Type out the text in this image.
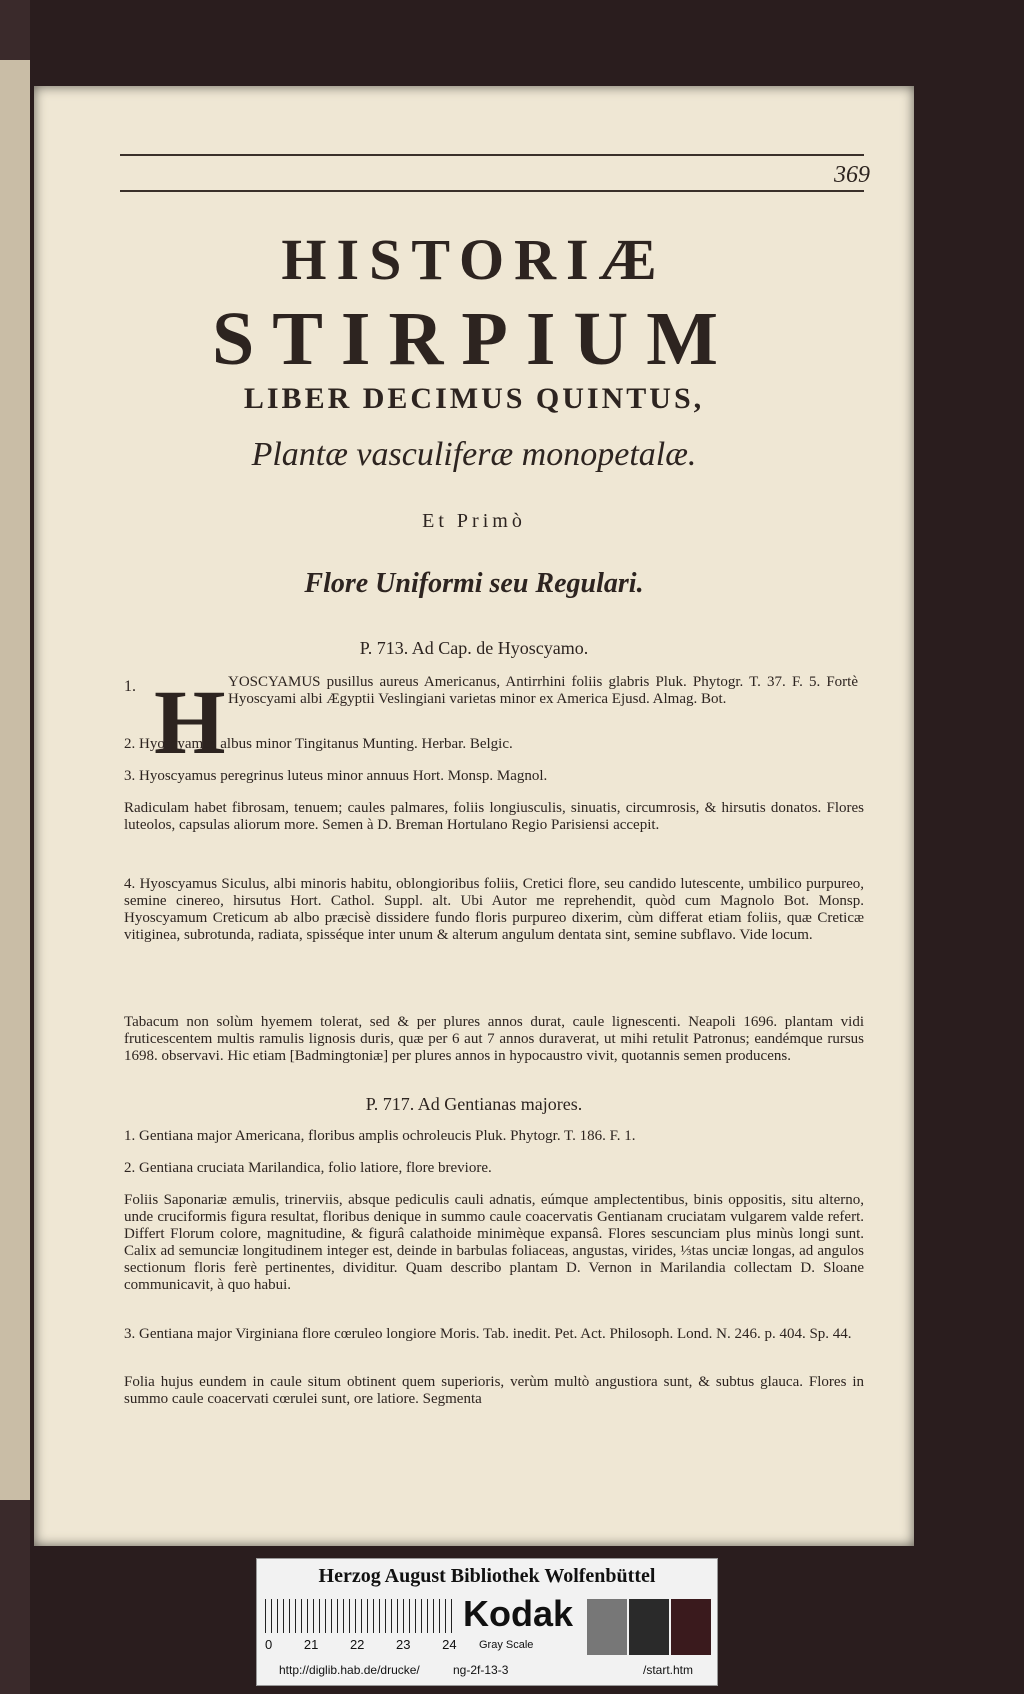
369
HISTORIÆ
STIRPIUM
LIBER DECIMUS QUINTUS,
Plantæ vasculiferæ monopetalæ.
Et Primò
Flore Uniformi seu Regulari.
P. 713. Ad Cap. de Hyoscyamo.
1. H YOSCYAMUS pusillus aureus Americanus, Antirrhini foliis glabris Pluk. Phytogr. T. 37. F. 5. Fortè Hyoscyami albi Ægyptii Veslingiani varietas minor ex America Ejusd. Almag. Bot.
2. Hyoscyamus albus minor Tingitanus Munting. Herbar. Belgic.
3. Hyoscyamus peregrinus luteus minor annuus Hort. Monsp. Magnol.
Radiculam habet fibrosam, tenuem; caules palmares, foliis longiusculis, sinuatis, circumrosis, & hirsutis donatos. Flores luteolos, capsulas aliorum more. Semen à D. Breman Hortulano Regio Parisiensi accepit.
4. Hyoscyamus Siculus, albi minoris habitu, oblongioribus foliis, Cretici flore, seu candido lutescente, umbilico purpureo, semine cinereo, hirsutus Hort. Cathol. Suppl. alt. Ubi Autor me reprehendit, quòd cum Magnolo Bot. Monsp. Hyoscyamum Creticum ab albo præcisè dissidere fundo floris purpureo dixerim, cùm differat etiam foliis, quæ Creticæ vitiginea, subrotunda, radiata, spisséque inter unum & alterum angulum dentata sint, semine subflavo. Vide locum.
Tabacum non solùm hyemem tolerat, sed & per plures annos durat, caule lignescenti. Neapoli 1696. plantam vidi fruticescentem multis ramulis lignosis duris, quæ per 6 aut 7 annos duraverat, ut mihi retulit Patronus; eandémque rursus 1698. observavi. Hic etiam [Badmingtoniæ] per plures annos in hypocaustro vivit, quotannis semen producens.
P. 717. Ad Gentianas majores.
1. Gentiana major Americana, floribus amplis ochroleucis Pluk. Phytogr. T. 186. F. 1.
2. Gentiana cruciata Marilandica, folio latiore, flore breviore.
Foliis Saponariæ æmulis, trinerviis, absque pediculis cauli adnatis, eúmque amplectentibus, binis oppositis, situ alterno, unde cruciformis figura resultat, floribus denique in summo caule coacervatis Gentianam cruciatam vulgarem valde refert. Differt Florum colore, magnitudine, & figurâ calathoide minimèque expansâ. Flores sescunciam plus minùs longi sunt. Calix ad semunciæ longitudinem integer est, deinde in barbulas foliaceas, angustas, virides, ⅓tas unciæ longas, ad angulos sectionum floris ferè pertinentes, dividitur. Quam describo plantam D. Vernon in Marilandia collectam D. Sloane communicavit, à quo habui.
3. Gentiana major Virginiana flore cœruleo longiore Moris. Tab. inedit. Pet. Act. Philosoph. Lond. N. 246. p. 404. Sp. 44.
Folia hujus eundem in caule situm obtinent quem superioris, verùm multò angustiora sunt, & subtus glauca. Flores in summo caule coacervati cœrulei sunt, ore latiore. Segmenta
Herzog August Bibliothek Wolfenbüttel
0 21 22 23 24
Kodak
Gray Scale
http://diglib.hab.de/drucke/	ng-2f-13-3	/start.htm
